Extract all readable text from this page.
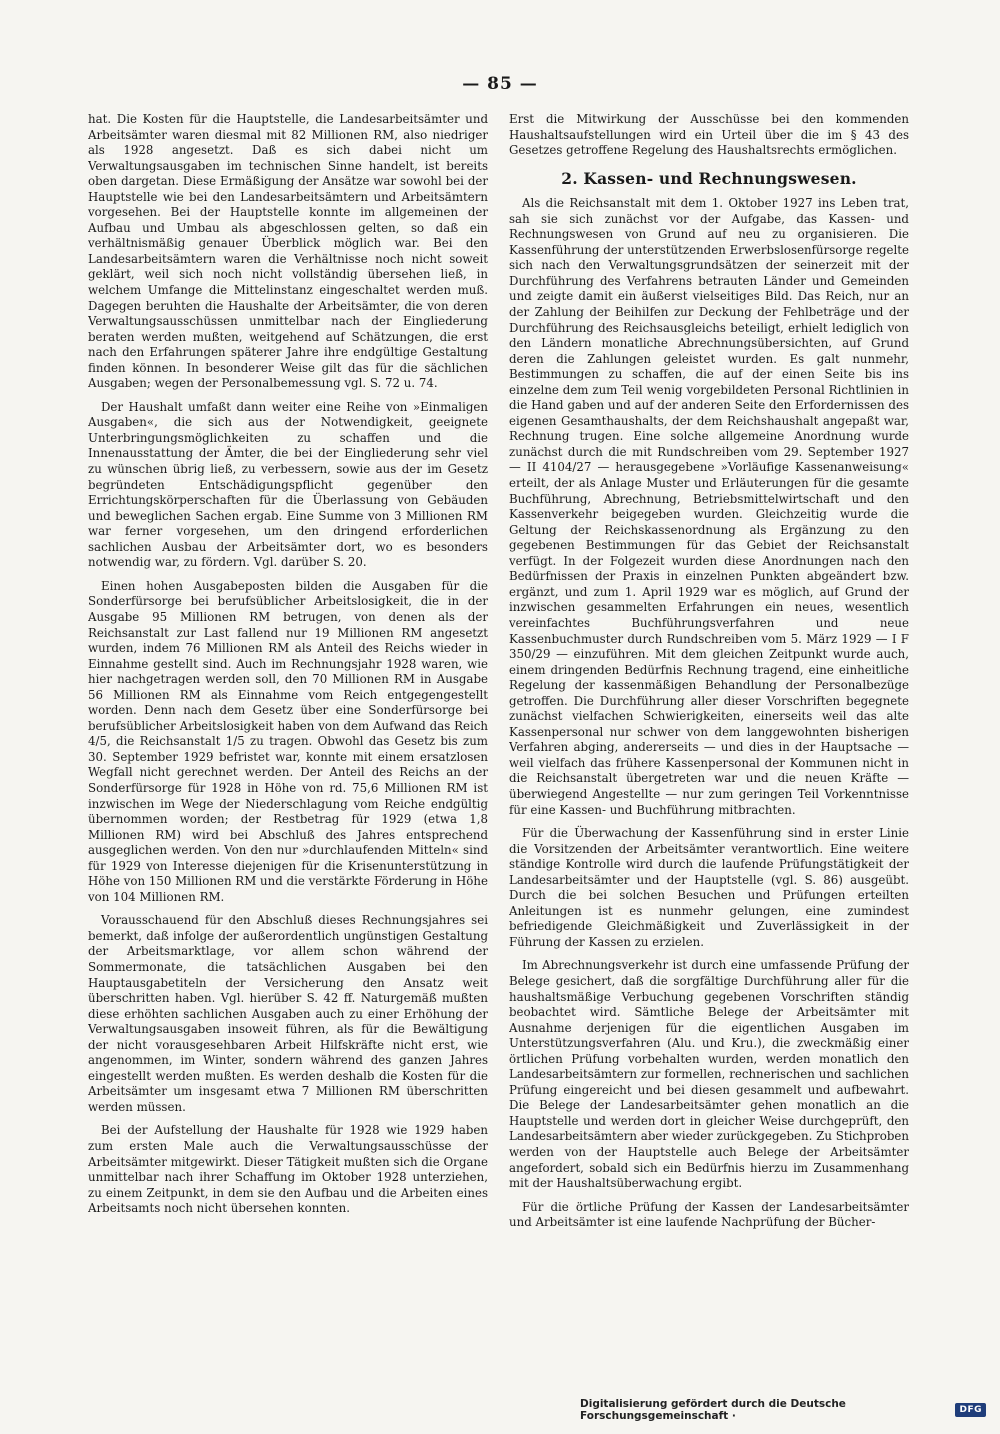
— 85 —

hat. Die Kosten für die Hauptstelle, die Landesarbeitsämter und Arbeitsämter waren diesmal mit 82 Millionen RM, also niedriger als 1928 angesetzt. Daß es sich dabei nicht um Verwaltungsausgaben im technischen Sinne handelt, ist bereits oben dargetan. Diese Ermäßigung der Ansätze war sowohl bei der Hauptstelle wie bei den Landesarbeitsämtern und Arbeitsämtern vorgesehen. Bei der Hauptstelle konnte im allgemeinen der Aufbau und Umbau als abgeschlossen gelten, so daß ein verhältnismäßig genauer Überblick möglich war. Bei den Landesarbeitsämtern waren die Verhältnisse noch nicht soweit geklärt, weil sich noch nicht vollständig übersehen ließ, in welchem Umfange die Mittelinstanz eingeschaltet werden muß. Dagegen beruhten die Haushalte der Arbeitsämter, die von deren Verwaltungsausschüssen unmittelbar nach der Eingliederung beraten werden mußten, weitgehend auf Schätzungen, die erst nach den Erfahrungen späterer Jahre ihre endgültige Gestaltung finden können. In besonderer Weise gilt das für die sächlichen Ausgaben; wegen der Personalbemessung vgl. S. 72 u. 74.

Der Haushalt umfaßt dann weiter eine Reihe von »Einmaligen Ausgaben«, die sich aus der Notwendigkeit, geeignete Unterbringungsmöglichkeiten zu schaffen und die Innenausstattung der Ämter, die bei der Eingliederung sehr viel zu wünschen übrig ließ, zu verbessern, sowie aus der im Gesetz begründeten Entschädigungspflicht gegenüber den Errichtungskörperschaften für die Überlassung von Gebäuden und beweglichen Sachen ergab. Eine Summe von 3 Millionen RM war ferner vorgesehen, um den dringend erforderlichen sachlichen Ausbau der Arbeitsämter dort, wo es besonders notwendig war, zu fördern. Vgl. darüber S. 20.

Einen hohen Ausgabeposten bilden die Ausgaben für die Sonderfürsorge bei berufsüblicher Arbeitslosigkeit, die in der Ausgabe 95 Millionen RM betrugen, von denen als der Reichsanstalt zur Last fallend nur 19 Millionen RM angesetzt wurden, indem 76 Millionen RM als Anteil des Reichs wieder in Einnahme gestellt sind. Auch im Rechnungsjahr 1928 waren, wie hier nachgetragen werden soll, den 70 Millionen RM in Ausgabe 56 Millionen RM als Einnahme vom Reich entgegengestellt worden. Denn nach dem Gesetz über eine Sonderfürsorge bei berufsüblicher Arbeitslosigkeit haben von dem Aufwand das Reich 4/5, die Reichsanstalt 1/5 zu tragen. Obwohl das Gesetz bis zum 30. September 1929 befristet war, konnte mit einem ersatzlosen Wegfall nicht gerechnet werden. Der Anteil des Reichs an der Sonderfürsorge für 1928 in Höhe von rd. 75,6 Millionen RM ist inzwischen im Wege der Niederschlagung vom Reiche endgültig übernommen worden; der Restbetrag für 1929 (etwa 1,8 Millionen RM) wird bei Abschluß des Jahres entsprechend ausgeglichen werden. Von den nur »durchlaufenden Mitteln« sind für 1929 von Interesse diejenigen für die Krisenunterstützung in Höhe von 150 Millionen RM und die verstärkte Förderung in Höhe von 104 Millionen RM.

Vorausschauend für den Abschluß dieses Rechnungsjahres sei bemerkt, daß infolge der außerordentlich ungünstigen Gestaltung der Arbeitsmarktlage, vor allem schon während der Sommermonate, die tatsächlichen Ausgaben bei den Hauptausgabetiteln der Versicherung den Ansatz weit überschritten haben. Vgl. hierüber S. 42 ff. Naturgemäß mußten diese erhöhten sachlichen Ausgaben auch zu einer Erhöhung der Verwaltungsausgaben insoweit führen, als für die Bewältigung der nicht vorausgesehbaren Arbeit Hilfskräfte nicht erst, wie angenommen, im Winter, sondern während des ganzen Jahres eingestellt werden mußten. Es werden deshalb die Kosten für die Arbeitsämter um insgesamt etwa 7 Millionen RM überschritten werden müssen.

Bei der Aufstellung der Haushalte für 1928 wie 1929 haben zum ersten Male auch die Verwaltungsausschüsse der Arbeitsämter mitgewirkt. Dieser Tätigkeit mußten sich die Organe unmittelbar nach ihrer Schaffung im Oktober 1928 unterziehen, zu einem Zeitpunkt, in dem sie den Aufbau und die Arbeiten eines Arbeitsamts noch nicht übersehen konnten.

Erst die Mitwirkung der Ausschüsse bei den kommenden Haushaltsaufstellungen wird ein Urteil über die im § 43 des Gesetzes getroffene Regelung des Haushaltsrechts ermöglichen.

2. Kassen- und Rechnungswesen.

Als die Reichsanstalt mit dem 1. Oktober 1927 ins Leben trat, sah sie sich zunächst vor der Aufgabe, das Kassen- und Rechnungswesen von Grund auf neu zu organisieren. Die Kassenführung der unterstützenden Erwerbslosenfürsorge regelte sich nach den Verwaltungsgrundsätzen der seinerzeit mit der Durchführung des Verfahrens betrauten Länder und Gemeinden und zeigte damit ein äußerst vielseitiges Bild. Das Reich, nur an der Zahlung der Beihilfen zur Deckung der Fehlbeträge und der Durchführung des Reichsausgleichs beteiligt, erhielt lediglich von den Ländern monatliche Abrechnungsübersichten, auf Grund deren die Zahlungen geleistet wurden. Es galt nunmehr, Bestimmungen zu schaffen, die auf der einen Seite bis ins einzelne dem zum Teil wenig vorgebildeten Personal Richtlinien in die Hand gaben und auf der anderen Seite den Erfordernissen des eigenen Gesamthaushalts, der dem Reichshaushalt angepaßt war, Rechnung trugen. Eine solche allgemeine Anordnung wurde zunächst durch die mit Rundschreiben vom 29. September 1927 — II 4104/27 — herausgegebene »Vorläufige Kassenanweisung« erteilt, der als Anlage Muster und Erläuterungen für die gesamte Buchführung, Abrechnung, Betriebsmittelwirtschaft und den Kassenverkehr beigegeben wurden. Gleichzeitig wurde die Geltung der Reichskassenordnung als Ergänzung zu den gegebenen Bestimmungen für das Gebiet der Reichsanstalt verfügt. In der Folgezeit wurden diese Anordnungen nach den Bedürfnissen der Praxis in einzelnen Punkten abgeändert bzw. ergänzt, und zum 1. April 1929 war es möglich, auf Grund der inzwischen gesammelten Erfahrungen ein neues, wesentlich vereinfachtes Buchführungsverfahren und neue Kassenbuchmuster durch Rundschreiben vom 5. März 1929 — I F 350/29 — einzuführen. Mit dem gleichen Zeitpunkt wurde auch, einem dringenden Bedürfnis Rechnung tragend, eine einheitliche Regelung der kassenmäßigen Behandlung der Personalbezüge getroffen. Die Durchführung aller dieser Vorschriften begegnete zunächst vielfachen Schwierigkeiten, einerseits weil das alte Kassenpersonal nur schwer von dem langgewohnten bisherigen Verfahren abging, andererseits — und dies in der Hauptsache — weil vielfach das frühere Kassenpersonal der Kommunen nicht in die Reichsanstalt übergetreten war und die neuen Kräfte — überwiegend Angestellte — nur zum geringen Teil Vorkenntnisse für eine Kassen- und Buchführung mitbrachten.

Für die Überwachung der Kassenführung sind in erster Linie die Vorsitzenden der Arbeitsämter verantwortlich. Eine weitere ständige Kontrolle wird durch die laufende Prüfungstätigkeit der Landesarbeitsämter und der Hauptstelle (vgl. S. 86) ausgeübt. Durch die bei solchen Besuchen und Prüfungen erteilten Anleitungen ist es nunmehr gelungen, eine zumindest befriedigende Gleichmäßigkeit und Zuverlässigkeit in der Führung der Kassen zu erzielen.

Im Abrechnungsverkehr ist durch eine umfassende Prüfung der Belege gesichert, daß die sorgfältige Durchführung aller für die haushaltsmäßige Verbuchung gegebenen Vorschriften ständig beobachtet wird. Sämtliche Belege der Arbeitsämter mit Ausnahme derjenigen für die eigentlichen Ausgaben im Unterstützungsverfahren (Alu. und Kru.), die zweckmäßig einer örtlichen Prüfung vorbehalten wurden, werden monatlich den Landesarbeitsämtern zur formellen, rechnerischen und sachlichen Prüfung eingereicht und bei diesen gesammelt und aufbewahrt. Die Belege der Landesarbeitsämter gehen monatlich an die Hauptstelle und werden dort in gleicher Weise durchgeprüft, den Landesarbeitsämtern aber wieder zurückgegeben. Zu Stichproben werden von der Hauptstelle auch Belege der Arbeitsämter angefordert, sobald sich ein Bedürfnis hierzu im Zusammenhang mit der Haushaltsüberwachung ergibt.

Für die örtliche Prüfung der Kassen der Landesarbeitsämter und Arbeitsämter ist eine laufende Nachprüfung der Bücher-

Digitalisierung gefördert durch die Deutsche Forschungsgemeinschaft ·	DFG
